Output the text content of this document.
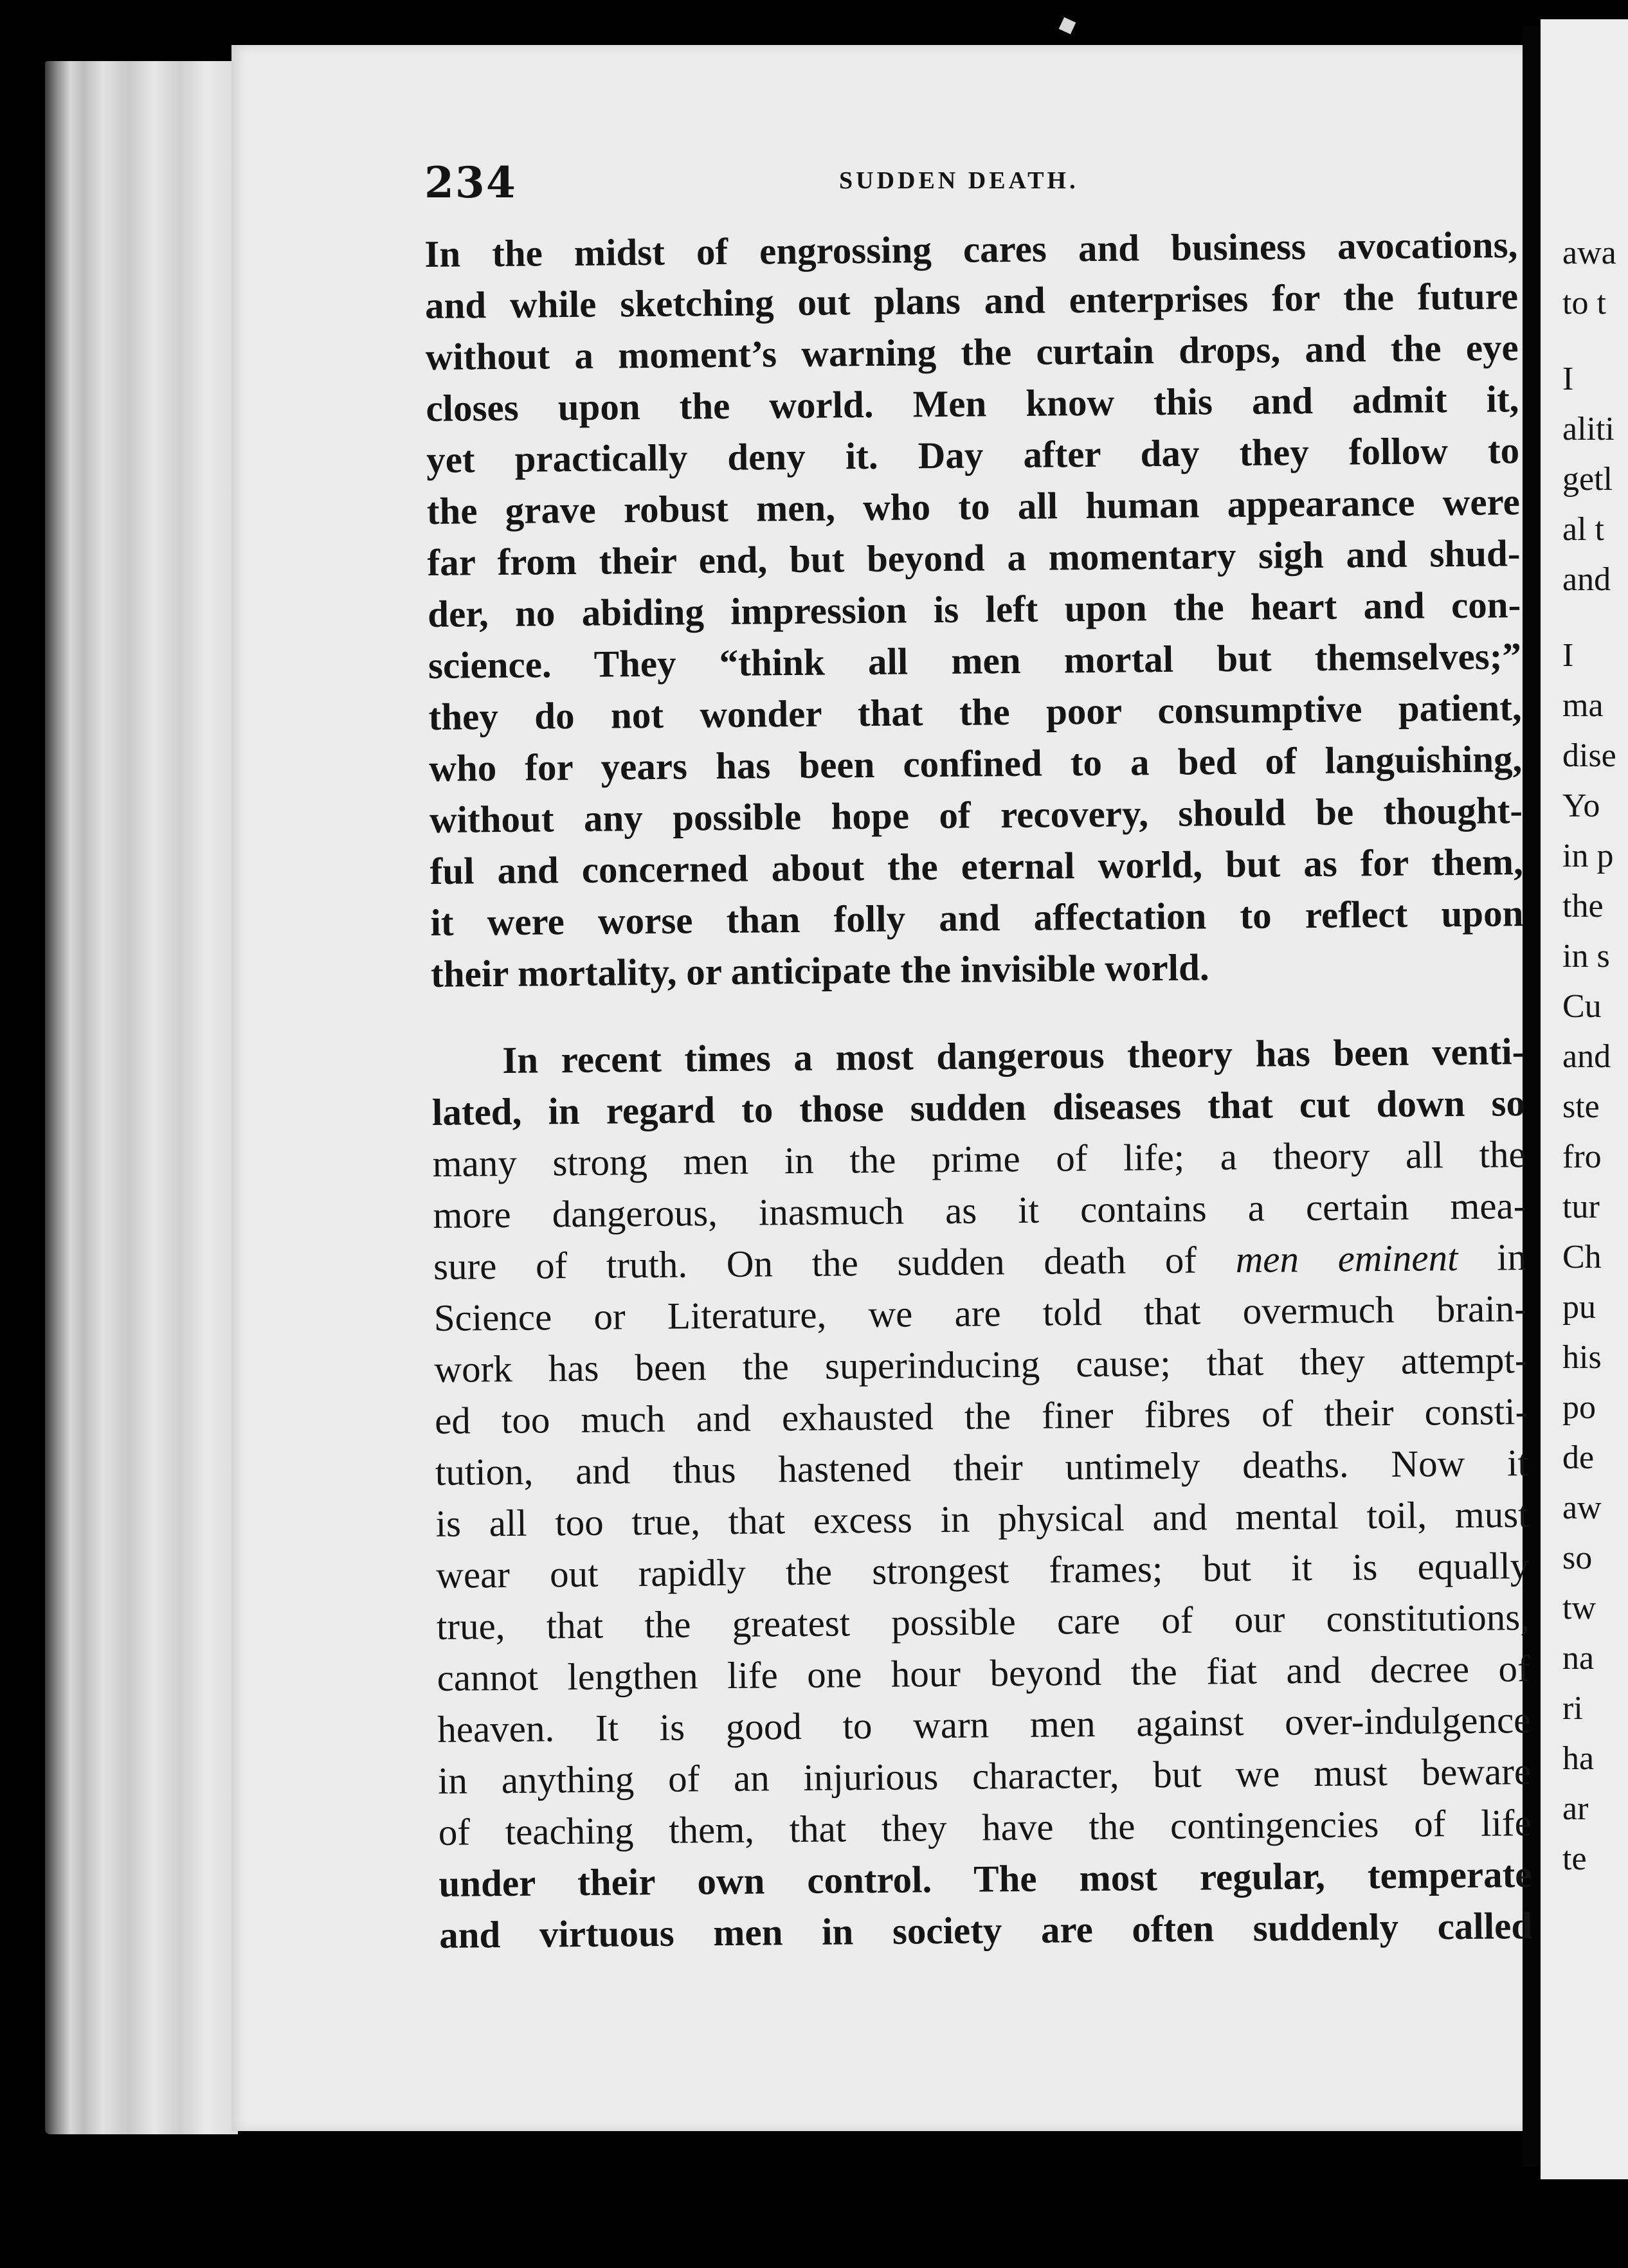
234	SUDDEN DEATH.

In the midst of engrossing cares and business avocations,
and while sketching out plans and enterprises for the future
without a moment’s warning the curtain drops, and the eye
closes upon the world. Men know this and admit it,
yet practically deny it. Day after day they follow to
the grave robust men, who to all human appearance were
far from their end, but beyond a momentary sigh and shud-
der, no abiding impression is left upon the heart and con-
science. They “think all men mortal but themselves;”
they do not wonder that the poor consumptive patient,
who for years has been confined to a bed of languishing,
without any possible hope of recovery, should be thought-
ful and concerned about the eternal world, but as for them,
it were worse than folly and affectation to reflect upon
their mortality, or anticipate the invisible world.

In recent times a most dangerous theory has been venti-
lated, in regard to those sudden diseases that cut down so
many strong men in the prime of life; a theory all the
more dangerous, inasmuch as it contains a certain mea-
sure of truth. On the sudden death of men eminent in
Science or Literature, we are told that overmuch brain-
work has been the superinducing cause; that they attempt-
ed too much and exhausted the finer fibres of their consti-
tution, and thus hastened their untimely deaths. Now it
is all too true, that excess in physical and mental toil, must
wear out rapidly the strongest frames; but it is equally
true, that the greatest possible care of our constitutions,
cannot lengthen life one hour beyond the fiat and decree of
heaven. It is good to warn men against over-indulgence
in anything of an injurious character, but we must beware
of teaching them, that they have the contingencies of life
under their own control. The most regular, temperate
and virtuous men in society are often suddenly called

awa
to t
I
aliti
getl
al t
and
I
ma
dise
Yo
in p
the
in s
Cu
and
ste
fro
tur
Ch
pu
his
po
de
aw
so
tw
na
ri
ha
ar
te
